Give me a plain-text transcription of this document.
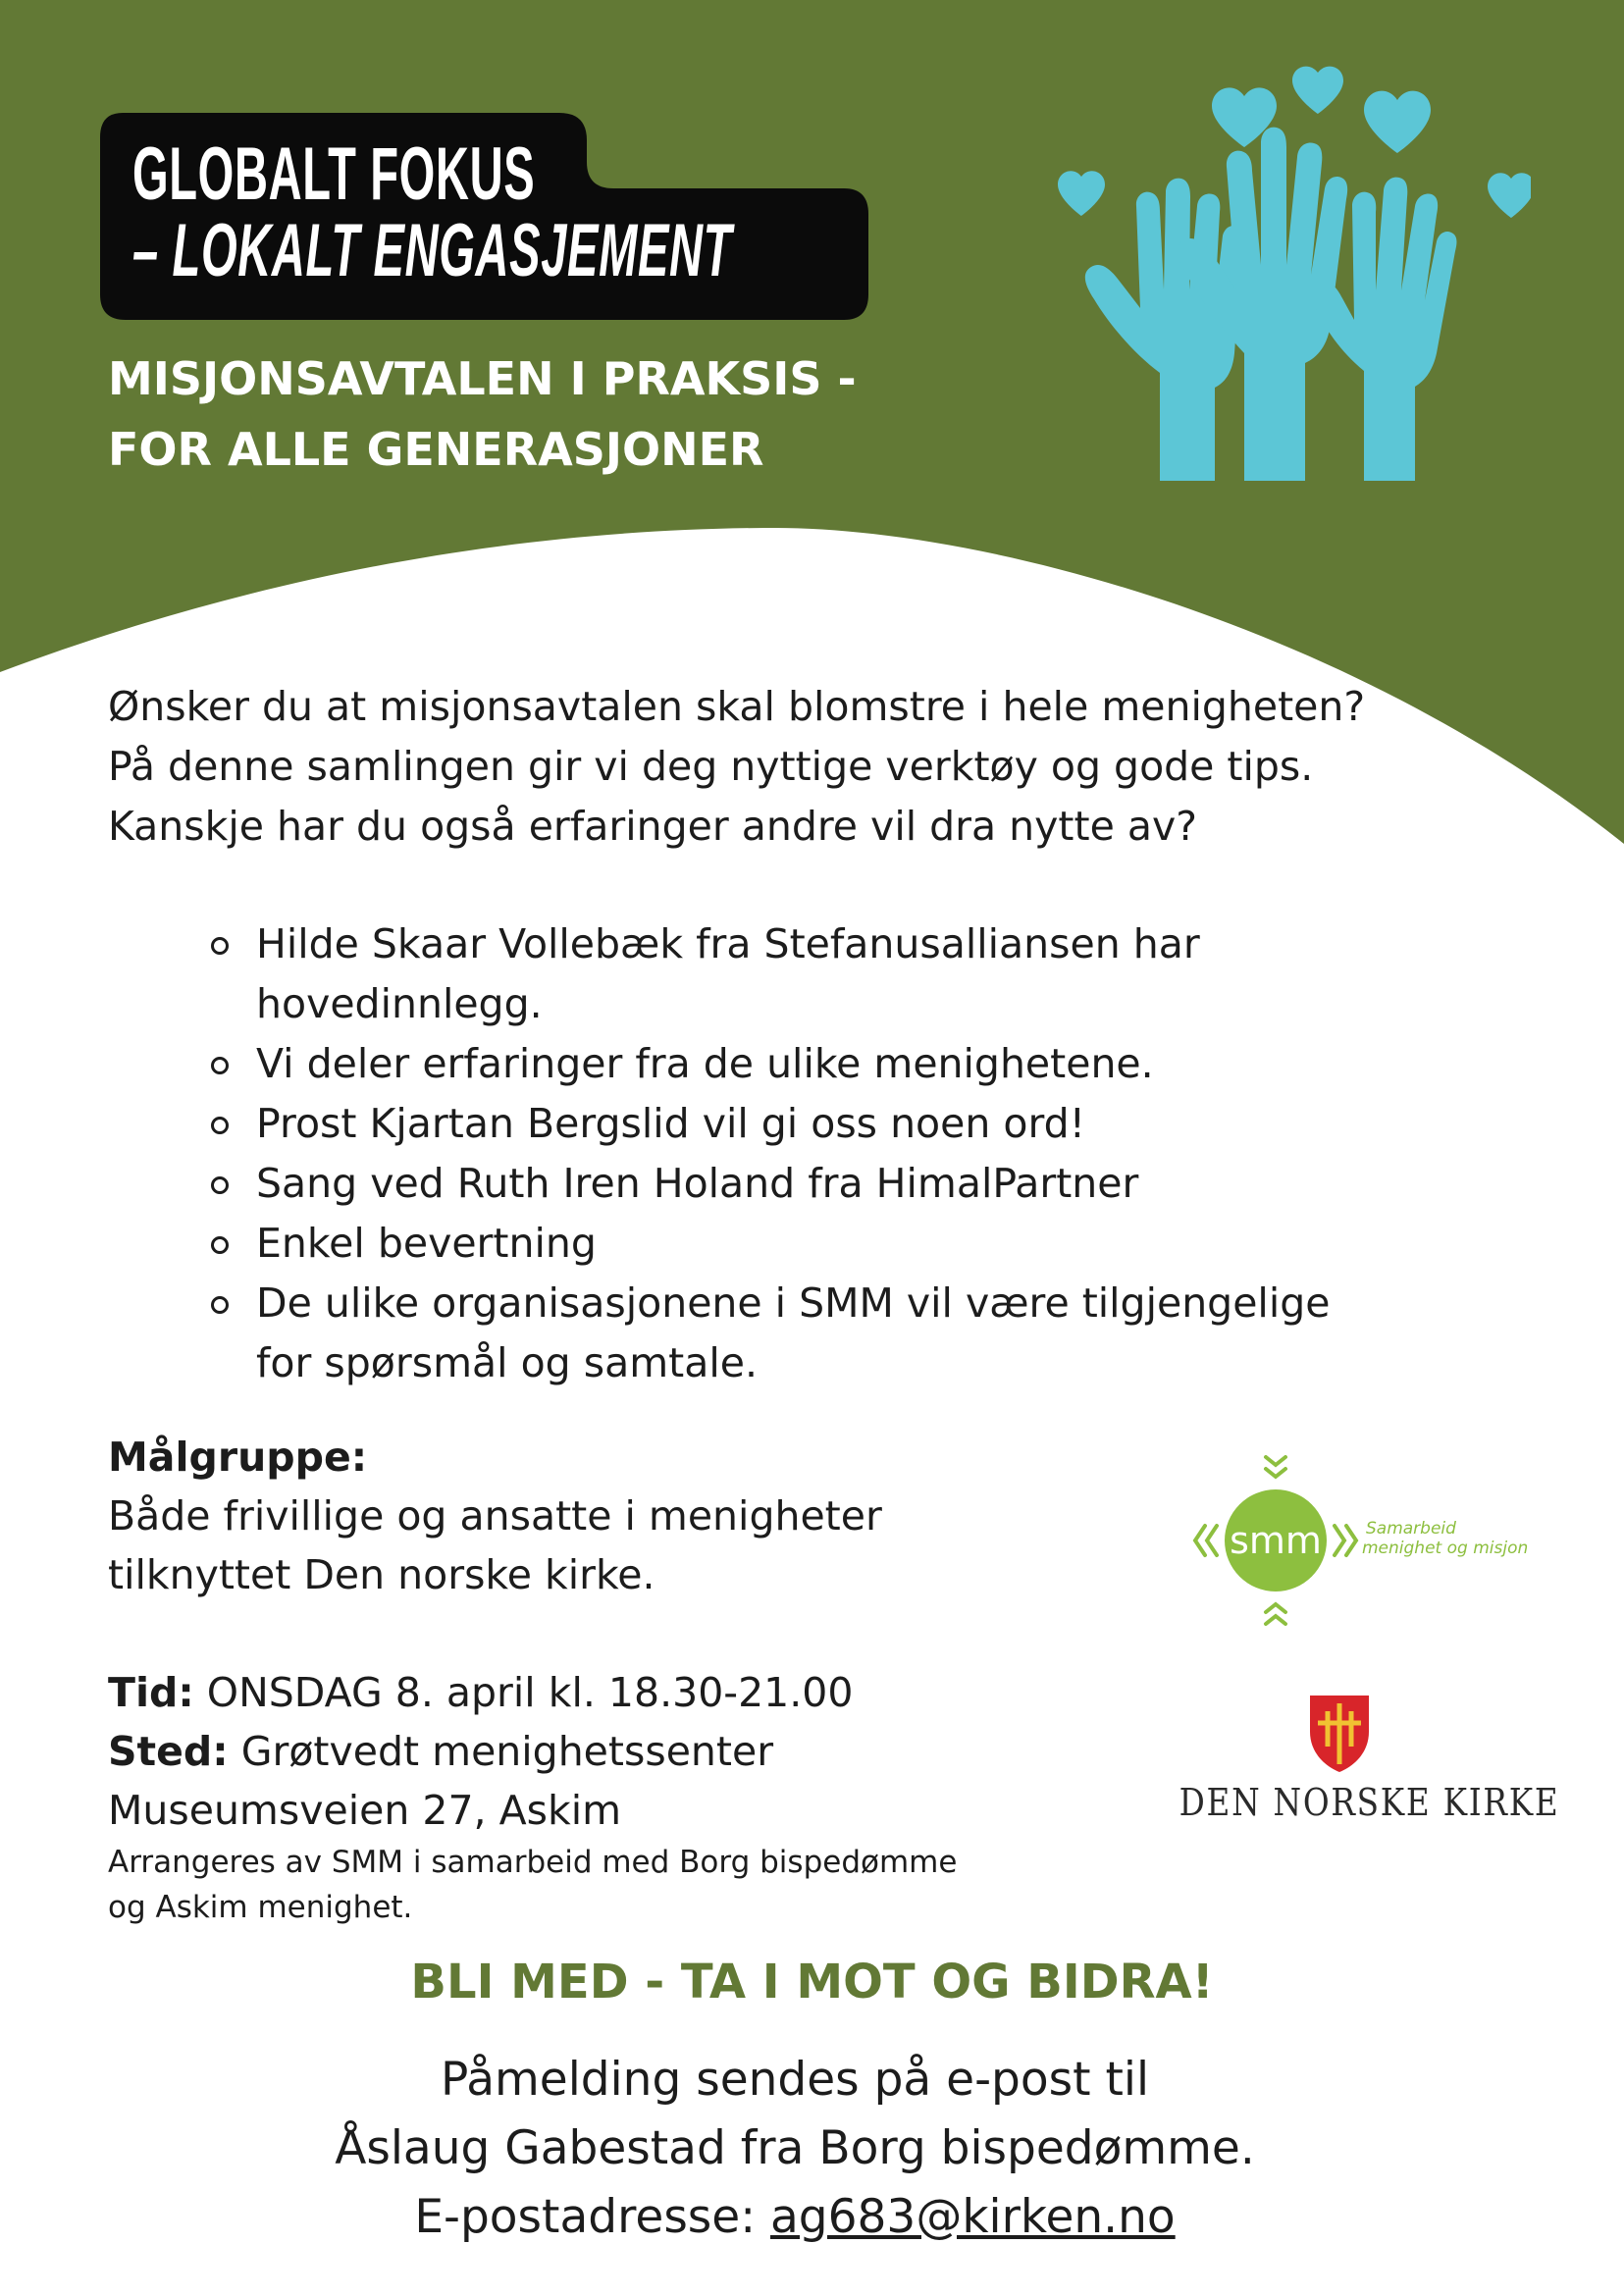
GLOBALT FOKUS
– LOKALT ENGASJEMENT
MISJONSAVTALEN I PRAKSIS -
FOR ALLE GENERASJONER
Ønsker du at misjonsavtalen skal blomstre i hele menigheten?
På denne samlingen gir vi deg nyttige verktøy og gode tips.
Kanskje har du også erfaringer andre vil dra nytte av?
Hilde Skaar Vollebæk fra Stefanusalliansen har hovedinnlegg.
Vi deler erfaringer fra de ulike menighetene.
Prost Kjartan Bergslid vil gi oss noen ord!
Sang ved Ruth Iren Holand fra HimalPartner
Enkel bevertning
De ulike organisasjonene i SMM vil være tilgjengelige for spørsmål og samtale.
Målgruppe:
Både frivillige og ansatte i menigheter
tilknyttet Den norske kirke.
Tid: ONSDAG 8. april kl. 18.30-21.00
Sted: Grøtvedt menighetssenter
Museumsveien 27, Askim
Arrangeres av SMM i samarbeid med Borg bispedømme
og Askim menighet.
smm	Samarbeid
menighet og misjon
DEN NORSKE KIRKE
BLI MED - TA I MOT OG BIDRA!
Påmelding sendes på e-post til
Åslaug Gabestad fra Borg bispedømme.
E-postadresse: ag683@kirken.no
